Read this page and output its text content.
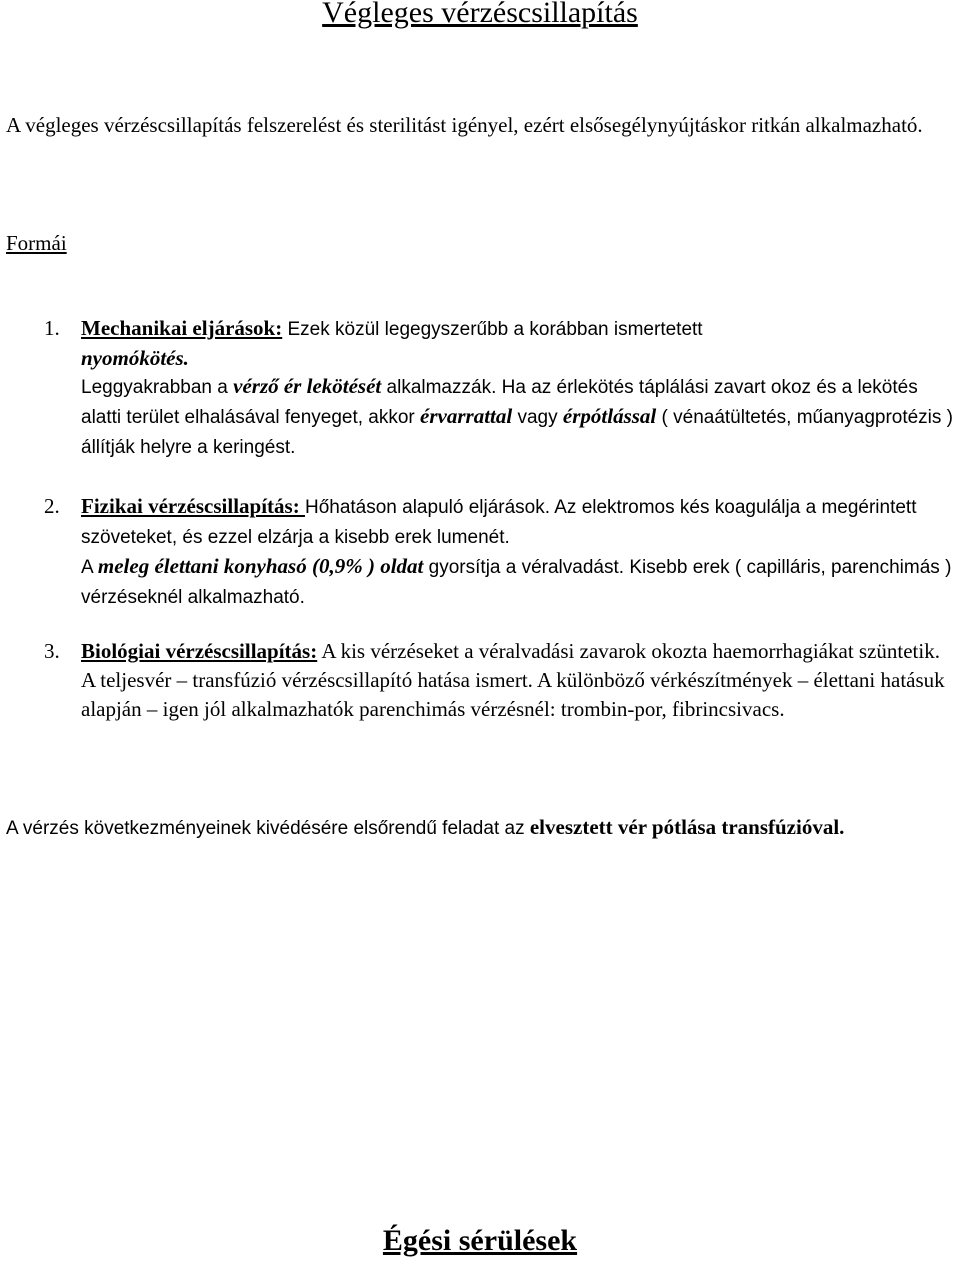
Végleges vérzéscsillapítás

A végleges vérzéscsillapítás felszerelést és sterilitást igényel, ezért elsősegélynyújtáskor ritkán alkalmazható.

Formái

1. Mechanikai eljárások: Ezek közül legegyszerűbb a korábban ismertetett
nyomókötés.
Leggyakrabban a vérző ér lekötését alkalmazzák. Ha az érlekötés táplálási zavart okoz és a lekötés alatti terület elhalásával fenyeget, akkor érvarrattal vagy érpótlással ( vénaátültetés, műanyagprotézis ) állítják helyre a keringést.
2. Fizikai vérzéscsillapítás: Hőhatáson alapuló eljárások. Az elektromos kés koagulálja a megérintett szöveteket, és ezzel elzárja a kisebb erek lumenét.
A meleg élettani konyhasó (0,9% ) oldat gyorsítja a véralvadást. Kisebb erek ( capilláris, parenchimás ) vérzéseknél alkalmazható.
3. Biológiai vérzéscsillapítás: A kis vérzéseket a véralvadási zavarok okozta haemorrhagiákat szüntetik. A teljesvér – transfúzió vérzéscsillapító hatása ismert. A különböző vérkészítmények – élettani hatásuk alapján – igen jól alkalmazhatók parenchimás vérzésnél: trombin-por, fibrincsivacs.

A vérzés következményeinek kivédésére elsőrendű feladat az elvesztett vér pótlása transfúzióval.

Égési sérülések
